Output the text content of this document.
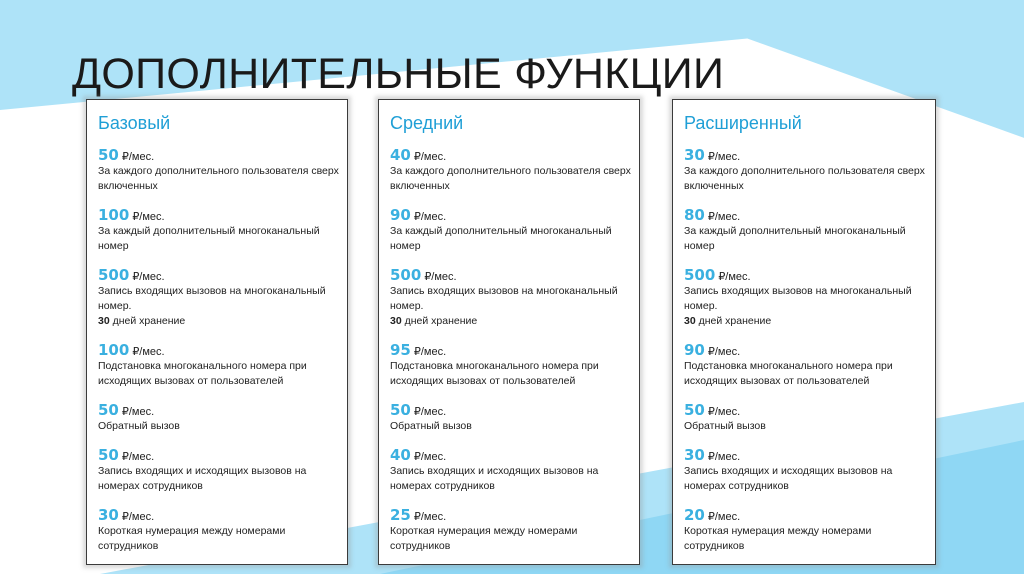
ДОПОЛНИТЕЛЬНЫЕ ФУНКЦИИ
Базовый
50 ₽/мес.
За каждого дополнительного пользователя сверх включенных
100 ₽/мес.
За каждый дополнительный многоканальный номер
500 ₽/мес.
Запись входящих вызовов на многоканальный номер.
30 дней хранение
100 ₽/мес.
Подстановка многоканального номера при исходящих вызовах от пользователей
50 ₽/мес.
Обратный вызов
50 ₽/мес.
Запись входящих и исходящих вызовов на номерах сотрудников
30 ₽/мес.
Короткая нумерация между номерами сотрудников
Средний
40 ₽/мес.
За каждого дополнительного пользователя сверх включенных
90 ₽/мес.
За каждый дополнительный многоканальный номер
500 ₽/мес.
Запись входящих вызовов на многоканальный номер.
30 дней хранение
95 ₽/мес.
Подстановка многоканального номера при исходящих вызовах от пользователей
50 ₽/мес.
Обратный вызов
40 ₽/мес.
Запись входящих и исходящих вызовов на номерах сотрудников
25 ₽/мес.
Короткая нумерация между номерами сотрудников
Расширенный
30 ₽/мес.
За каждого дополнительного пользователя сверх включенных
80 ₽/мес.
За каждый дополнительный многоканальный номер
500 ₽/мес.
Запись входящих вызовов на многоканальный номер.
30 дней хранение
90 ₽/мес.
Подстановка многоканального номера при исходящих вызовах от пользователей
50 ₽/мес.
Обратный вызов
30 ₽/мес.
Запись входящих и исходящих вызовов на номерах сотрудников
20 ₽/мес.
Короткая нумерация между номерами сотрудников
